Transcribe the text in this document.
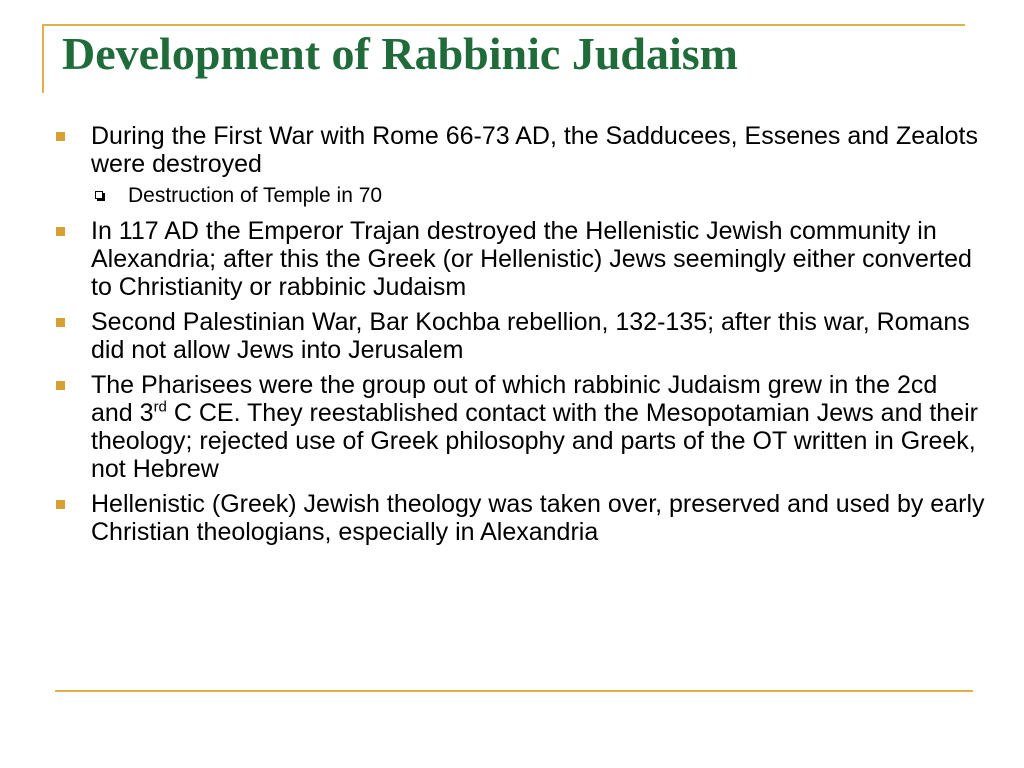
Development of Rabbinic Judaism
During the First War with Rome 66-73 AD, the Sadducees, Essenes and Zealots were destroyed
Destruction of Temple in 70
In 117 AD the Emperor Trajan destroyed the Hellenistic Jewish community in Alexandria; after this the Greek (or Hellenistic) Jews seemingly either converted to Christianity or rabbinic Judaism
Second Palestinian War, Bar Kochba rebellion, 132-135; after this war, Romans did not allow Jews into Jerusalem
The Pharisees were the group out of which rabbinic Judaism grew in the 2cd and 3rd C CE. They reestablished contact with the Mesopotamian Jews and their theology; rejected use of Greek philosophy and parts of the OT written in Greek, not Hebrew
Hellenistic (Greek) Jewish theology was taken over, preserved and used by early Christian theologians, especially in Alexandria
